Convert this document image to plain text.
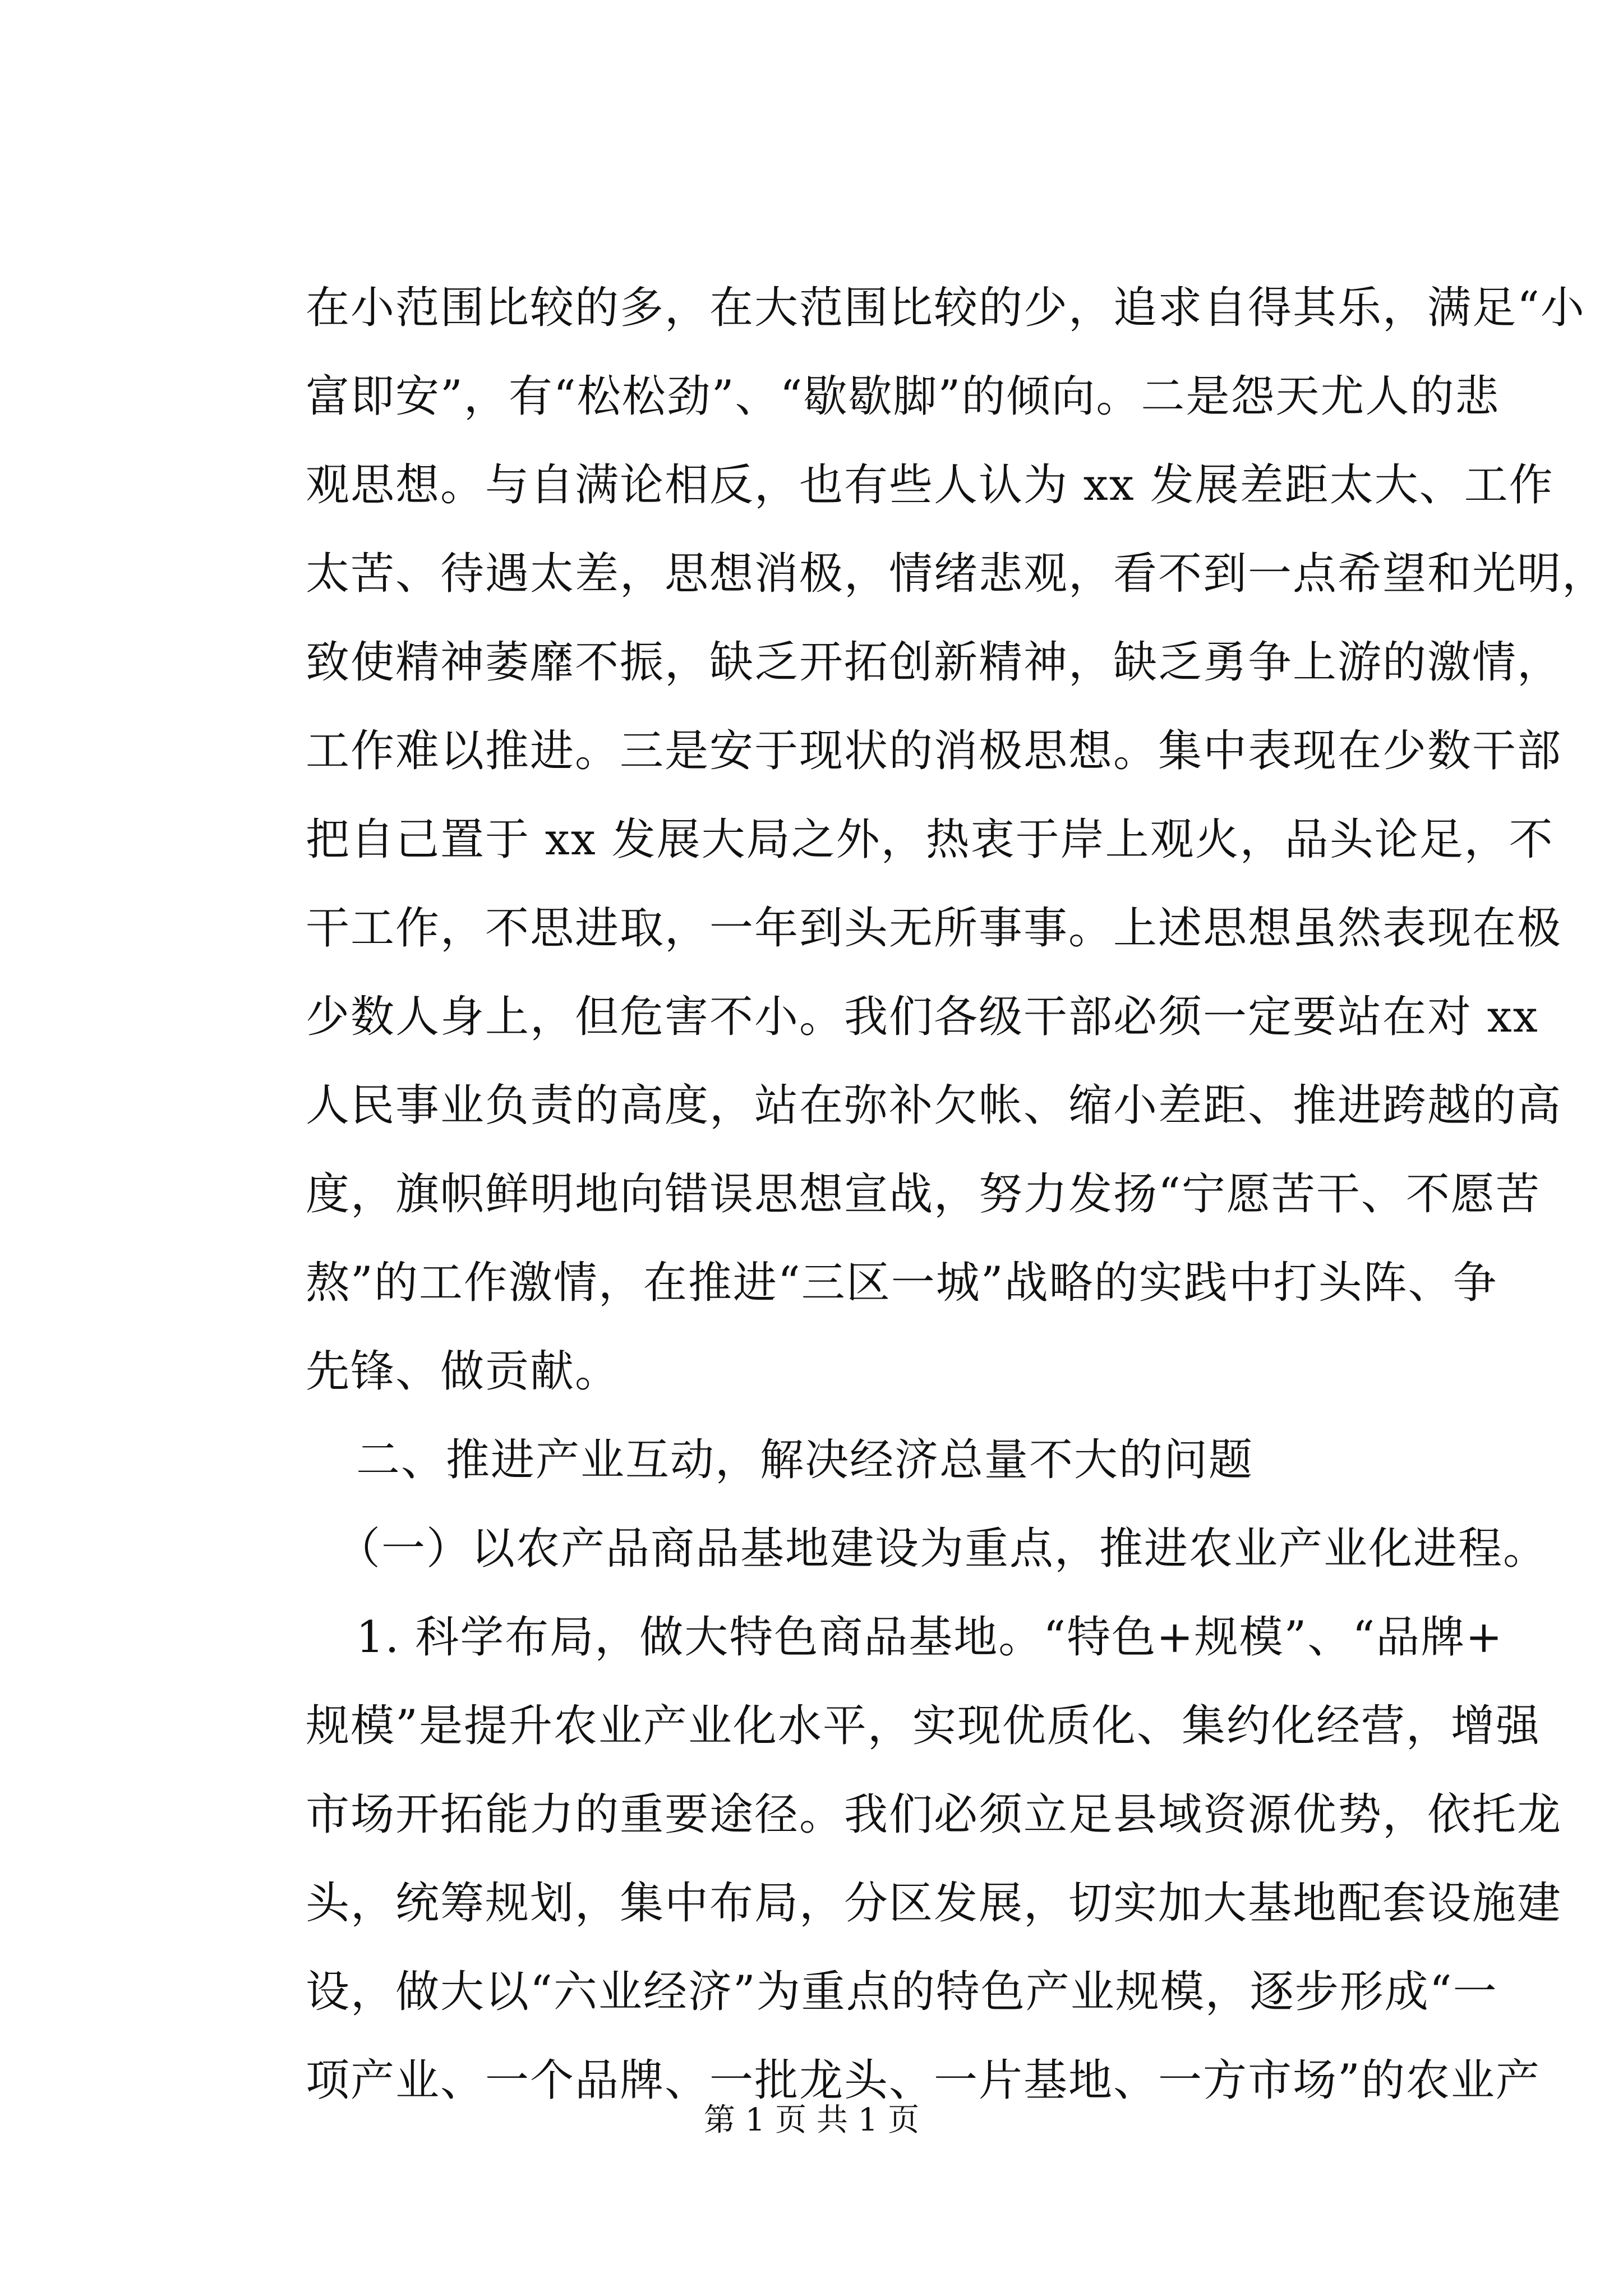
在小范围比较的多，在大范围比较的少，追求自得其乐，满足“小
富即安”，有“松松劲”、“歇歇脚”的倾向。二是怨天尤人的悲
观思想。与自满论相反，也有些人认为 xx 发展差距太大、工作
太苦、待遇太差，思想消极，情绪悲观，看不到一点希望和光明，
致使精神萎靡不振，缺乏开拓创新精神，缺乏勇争上游的激情，
工作难以推进。三是安于现状的消极思想。集中表现在少数干部
把自己置于 xx 发展大局之外，热衷于岸上观火，品头论足，不
干工作，不思进取，一年到头无所事事。上述思想虽然表现在极
少数人身上，但危害不小。我们各级干部必须一定要站在对 xx
人民事业负责的高度，站在弥补欠帐、缩小差距、推进跨越的高
度，旗帜鲜明地向错误思想宣战，努力发扬“宁愿苦干、不愿苦
熬”的工作激情，在推进“三区一城”战略的实践中打头阵、争
先锋、做贡献。
二、推进产业互动，解决经济总量不大的问题
（一）以农产品商品基地建设为重点，推进农业产业化进程。
1. 科学布局，做大特色商品基地。“特色+规模”、“品牌+
规模”是提升农业产业化水平，实现优质化、集约化经营，增强
市场开拓能力的重要途径。我们必须立足县域资源优势，依托龙
头，统筹规划，集中布局，分区发展，切实加大基地配套设施建
设，做大以“六业经济”为重点的特色产业规模，逐步形成“一
项产业、一个品牌、一批龙头、一片基地、一方市场”的农业产
第 1 页 共 1 页
